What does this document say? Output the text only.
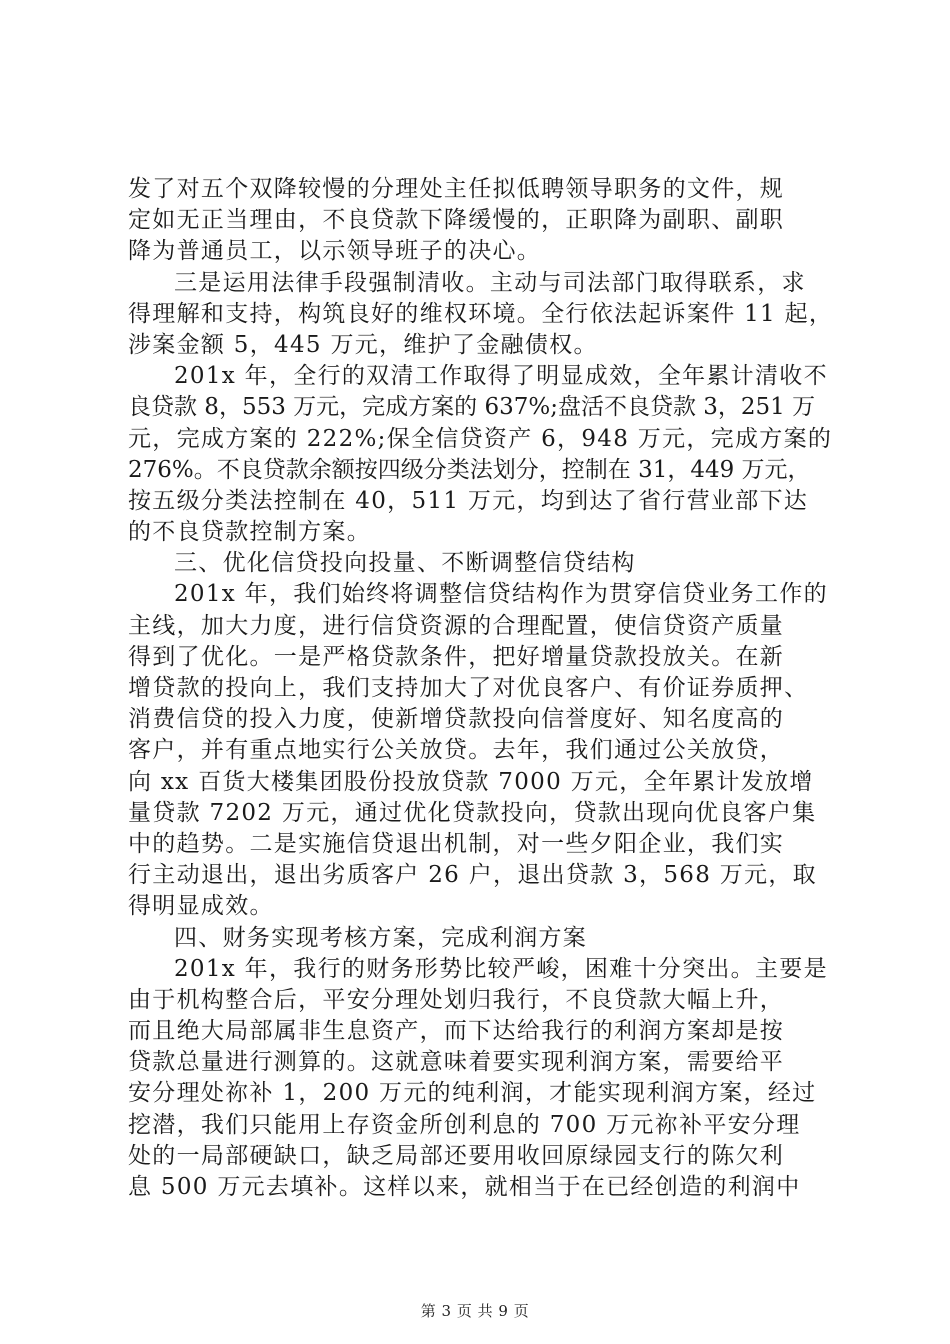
发了对五个双降较慢的分理处主任拟低聘领导职务的文件，规
定如无正当理由，不良贷款下降缓慢的，正职降为副职、副职
降为普通员工，以示领导班子的决心。
三是运用法律手段强制清收。主动与司法部门取得联系，求
得理解和支持，构筑良好的维权环境。全行依法起诉案件 11 起，
涉案金额 5，445 万元，维护了金融债权。
201x 年，全行的双清工作取得了明显成效，全年累计清收不
良贷款 8，553 万元，完成方案的 637%;盘活不良贷款 3，251 万
元，完成方案的 222%;保全信贷资产 6，948 万元，完成方案的
276%。不良贷款余额按四级分类法划分，控制在 31，449 万元，
按五级分类法控制在 40，511 万元，均到达了省行营业部下达
的不良贷款控制方案。
三、优化信贷投向投量、不断调整信贷结构
201x 年，我们始终将调整信贷结构作为贯穿信贷业务工作的
主线，加大力度，进行信贷资源的合理配置，使信贷资产质量
得到了优化。一是严格贷款条件，把好增量贷款投放关。在新
增贷款的投向上，我们支持加大了对优良客户、有价证券质押、
消费信贷的投入力度，使新增贷款投向信誉度好、知名度高的
客户，并有重点地实行公关放贷。去年，我们通过公关放贷，
向 xx 百货大楼集团股份投放贷款 7000 万元，全年累计发放增
量贷款 7202 万元，通过优化贷款投向，贷款出现向优良客户集
中的趋势。二是实施信贷退出机制，对一些夕阳企业，我们实
行主动退出，退出劣质客户 26 户，退出贷款 3，568 万元，取
得明显成效。
四、财务实现考核方案，完成利润方案
201x 年，我行的财务形势比较严峻，困难十分突出。主要是
由于机构整合后，平安分理处划归我行，不良贷款大幅上升，
而且绝大局部属非生息资产，而下达给我行的利润方案却是按
贷款总量进行测算的。这就意味着要实现利润方案，需要给平
安分理处祢补 1，200 万元的纯利润，才能实现利润方案，经过
挖潜，我们只能用上存资金所创利息的 700 万元祢补平安分理
处的一局部硬缺口，缺乏局部还要用收回原绿园支行的陈欠利
息 500 万元去填补。这样以来，就相当于在已经创造的利润中
第 3 页 共 9 页
